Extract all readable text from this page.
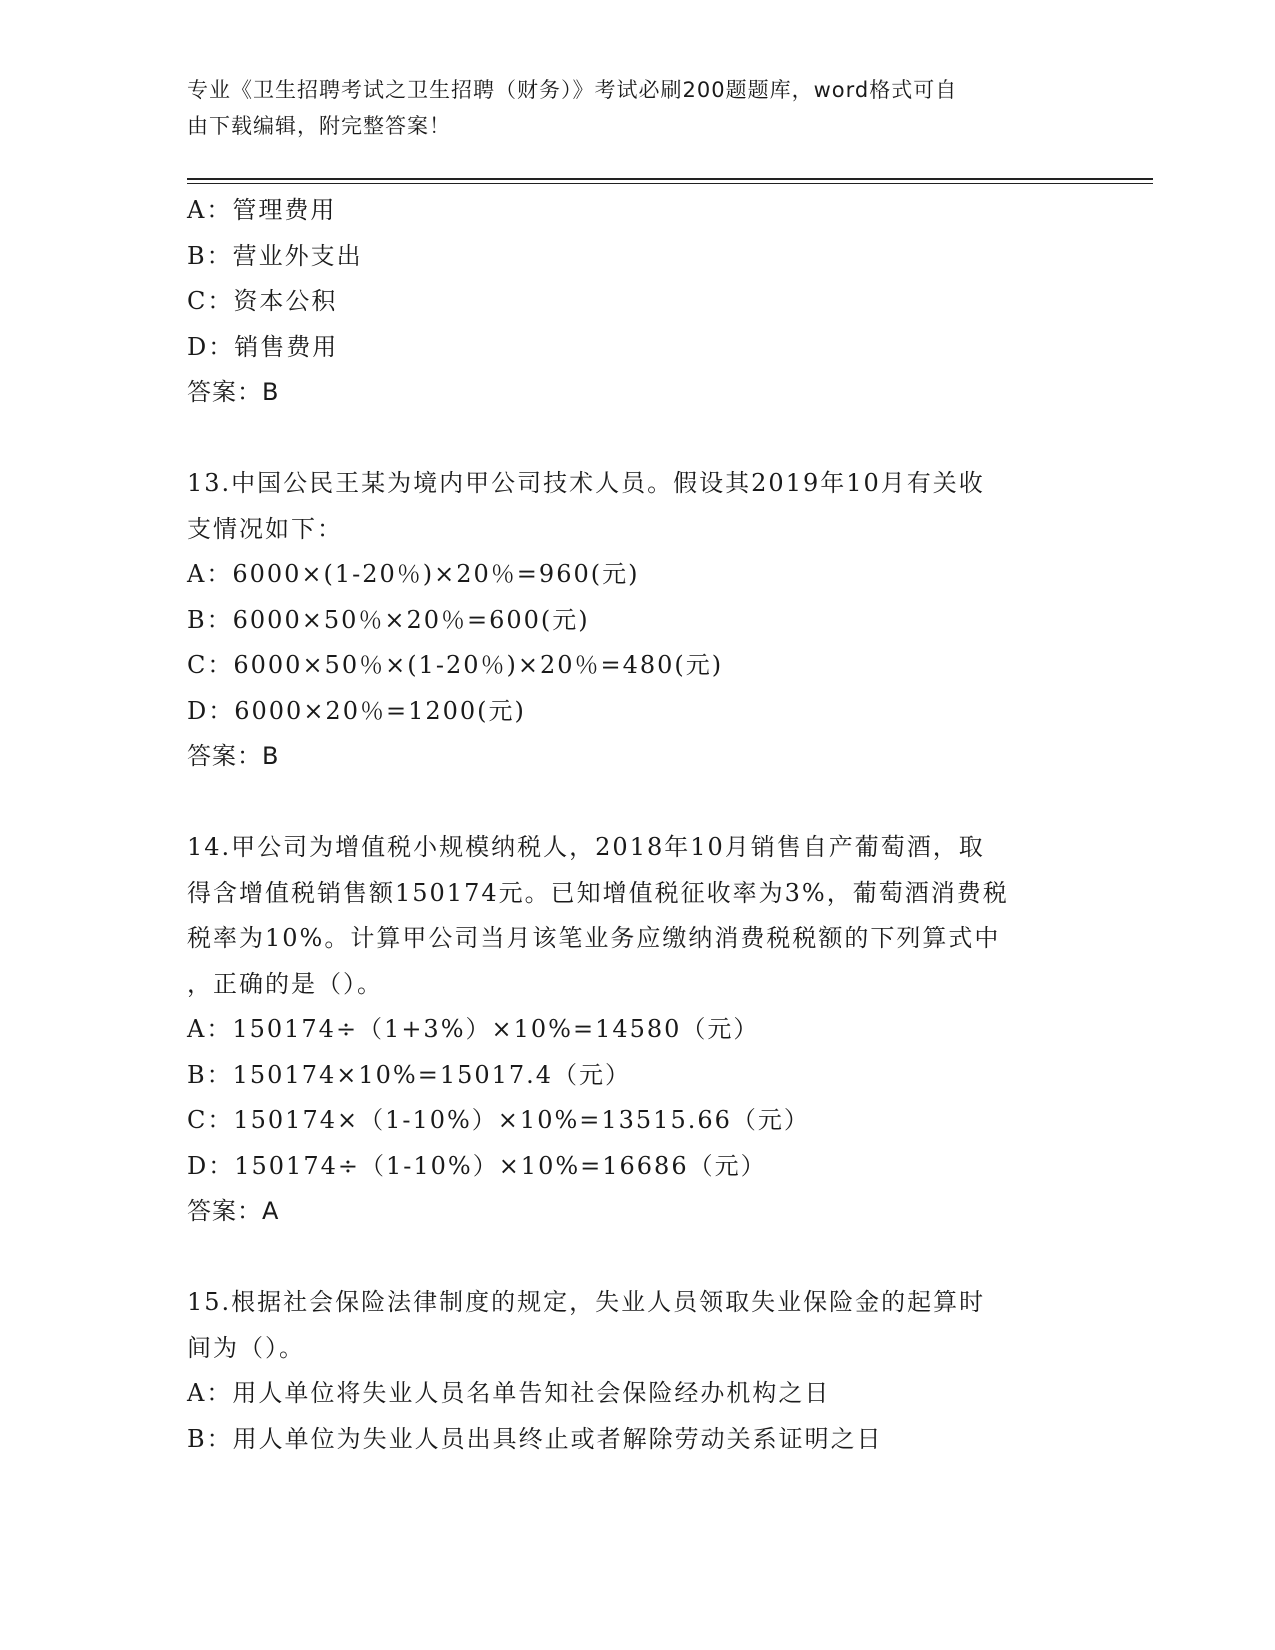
专业《卫生招聘考试之卫生招聘（财务）》考试必刷200题题库，word格式可自
由下载编辑，附完整答案！
A：管理费用
B：营业外支出
C：资本公积
D：销售费用
答案：B
13.中国公民王某为境内甲公司技术人员。假设其2019年10月有关收
支情况如下：
A：6000×(1-20％)×20％=960(元)
B：6000×50％×20％=600(元)
C：6000×50％×(1-20％)×20％=480(元)
D：6000×20％=1200(元)
答案：B
14.甲公司为增值税小规模纳税人，2018年10月销售自产葡萄酒，取
得含增值税销售额150174元。已知增值税征收率为3%，葡萄酒消费税
税率为10%。计算甲公司当月该笔业务应缴纳消费税税额的下列算式中
，正确的是（）。
A：150174÷（1+3%）×10%=14580（元）
B：150174×10%=15017.4（元）
C：150174×（1-10%）×10%=13515.66（元）
D：150174÷（1-10%）×10%=16686（元）
答案：A
15.根据社会保险法律制度的规定，失业人员领取失业保险金的起算时
间为（）。
A：用人单位将失业人员名单告知社会保险经办机构之日
B：用人单位为失业人员出具终止或者解除劳动关系证明之日
